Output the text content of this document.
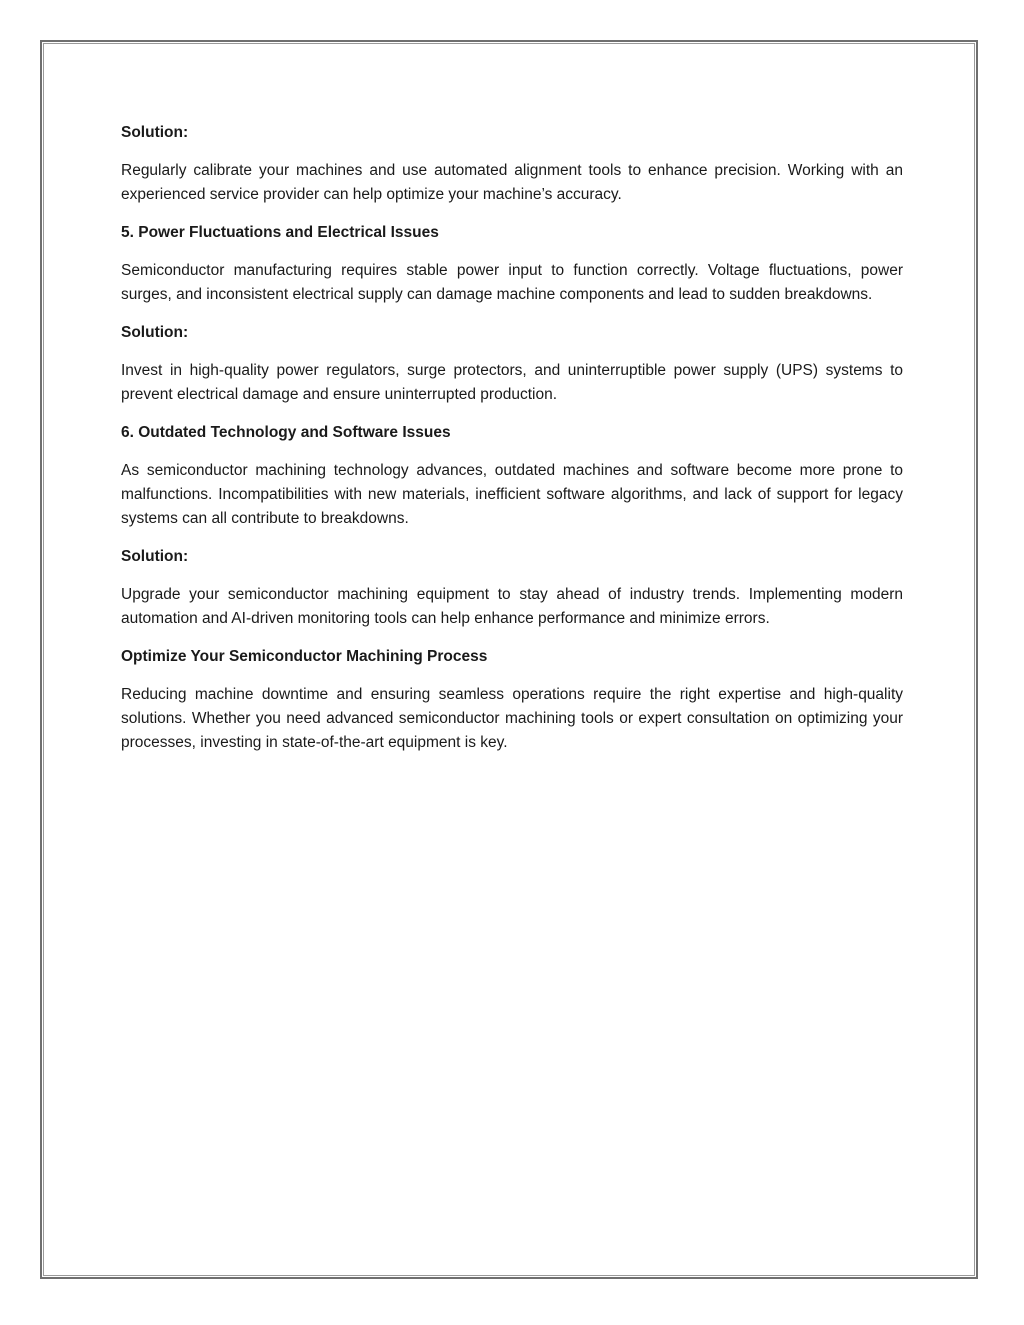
Solution:

Regularly calibrate your machines and use automated alignment tools to enhance precision. Working with an experienced service provider can help optimize your machine’s accuracy.

5. Power Fluctuations and Electrical Issues

Semiconductor manufacturing requires stable power input to function correctly. Voltage fluctuations, power surges, and inconsistent electrical supply can damage machine components and lead to sudden breakdowns.

Solution:

Invest in high-quality power regulators, surge protectors, and uninterruptible power supply (UPS) systems to prevent electrical damage and ensure uninterrupted production.

6. Outdated Technology and Software Issues

As semiconductor machining technology advances, outdated machines and software become more prone to malfunctions. Incompatibilities with new materials, inefficient software algorithms, and lack of support for legacy systems can all contribute to breakdowns.

Solution:

Upgrade your semiconductor machining equipment to stay ahead of industry trends. Implementing modern automation and AI-driven monitoring tools can help enhance performance and minimize errors.

Optimize Your Semiconductor Machining Process

Reducing machine downtime and ensuring seamless operations require the right expertise and high-quality solutions. Whether you need advanced semiconductor machining tools or expert consultation on optimizing your processes, investing in state-of-the-art equipment is key.
